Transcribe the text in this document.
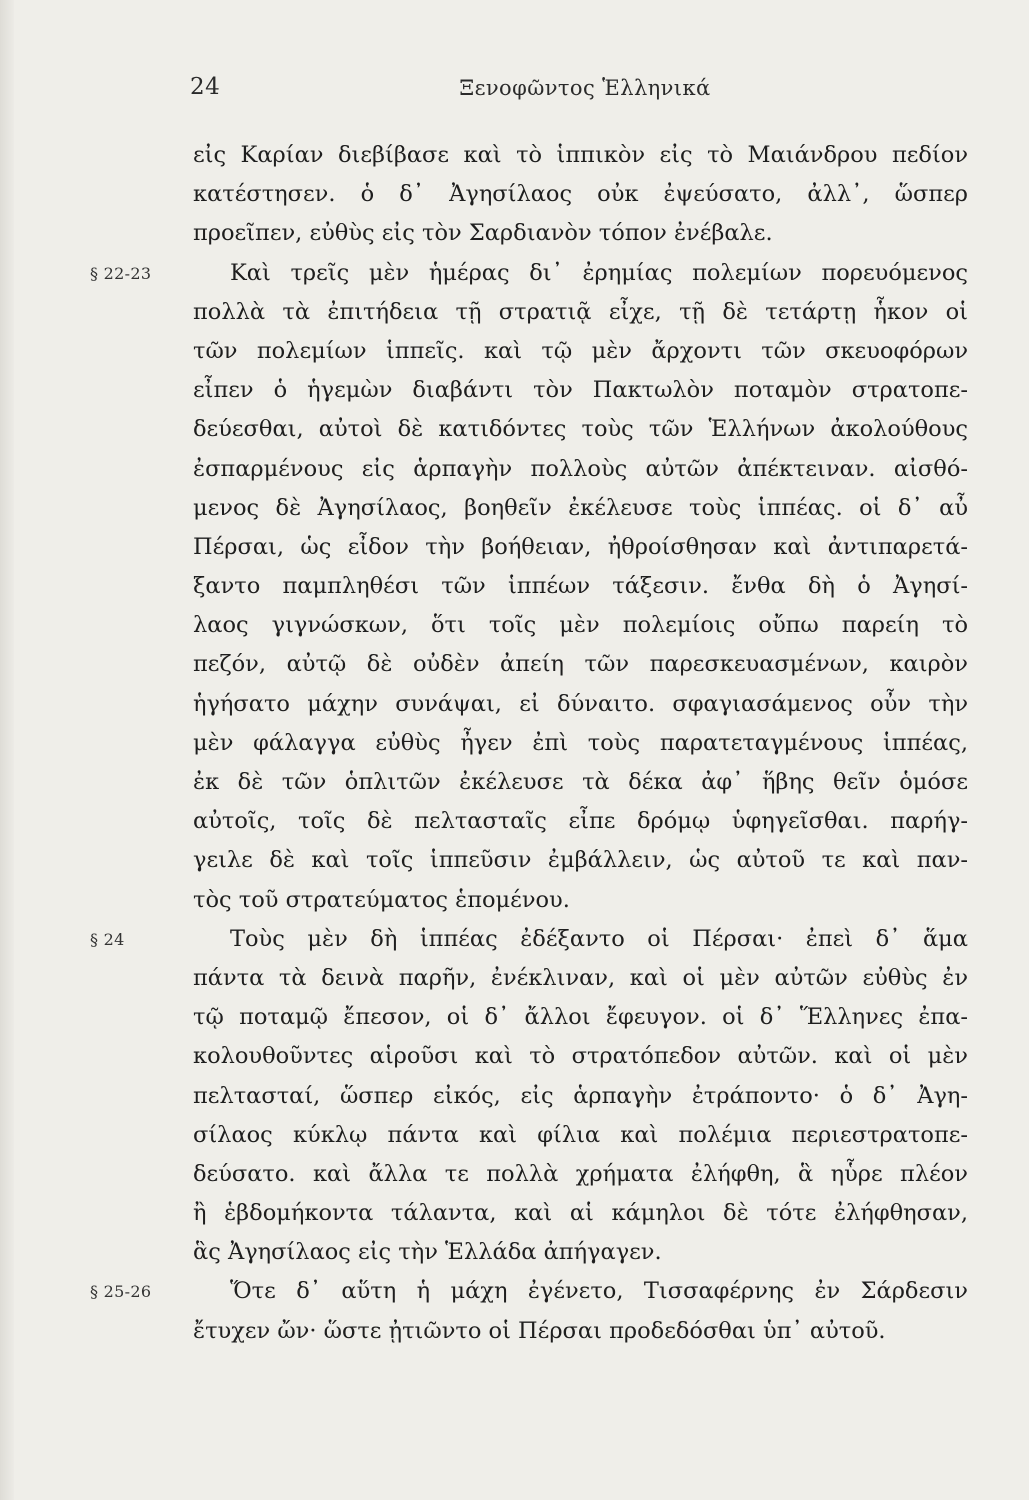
24	Ξενοφῶντος Ἑλληνικά
εἰς Καρίαν διεβίβασε καὶ τὸ ἱππικὸν εἰς τὸ Μαιάνδρου πεδίον
κατέστησεν. ὁ δ᾽ Ἀγησίλαος οὐκ ἐψεύσατο, ἀλλ᾽, ὥσπερ
προεῖπεν, εὐθὺς εἰς τὸν Σαρδιανὸν τόπον ἐνέβαλε.
§ 22-23	Καὶ τρεῖς μὲν ἡμέρας δι᾽ ἐρημίας πολεμίων πορευόμενος
πολλὰ τὰ ἐπιτήδεια τῇ στρατιᾷ εἶχε, τῇ δὲ τετάρτῃ ἧκον οἱ
τῶν πολεμίων ἱππεῖς. καὶ τῷ μὲν ἄρχοντι τῶν σκευοφόρων
εἶπεν ὁ ἡγεμὼν διαβάντι τὸν Πακτωλὸν ποταμὸν στρατοπε-
δεύεσθαι, αὐτοὶ δὲ κατιδόντες τοὺς τῶν Ἑλλήνων ἀκολούθους
ἐσπαρμένους εἰς ἁρπαγὴν πολλοὺς αὐτῶν ἀπέκτειναν. αἰσθό-
μενος δὲ Ἀγησίλαος, βοηθεῖν ἐκέλευσε τοὺς ἱππέας. οἱ δ᾽ αὖ
Πέρσαι, ὡς εἶδον τὴν βοήθειαν, ἠθροίσθησαν καὶ ἀντιπαρετά-
ξαντο παμπληθέσι τῶν ἱππέων τάξεσιν. ἔνθα δὴ ὁ Ἀγησί-
λαος γιγνώσκων, ὅτι τοῖς μὲν πολεμίοις οὔπω παρείη τὸ
πεζόν, αὐτῷ δὲ οὐδὲν ἀπείη τῶν παρεσκευασμένων, καιρὸν
ἡγήσατο μάχην συνάψαι, εἰ δύναιτο. σφαγιασάμενος οὖν τὴν
μὲν φάλαγγα εὐθὺς ἦγεν ἐπὶ τοὺς παρατεταγμένους ἱππέας,
ἐκ δὲ τῶν ὁπλιτῶν ἐκέλευσε τὰ δέκα ἀφ᾽ ἥβης θεῖν ὁμόσε
αὐτοῖς, τοῖς δὲ πελτασταῖς εἶπε δρόμῳ ὑφηγεῖσθαι. παρήγ-
γειλε δὲ καὶ τοῖς ἱππεῦσιν ἐμβάλλειν, ὡς αὐτοῦ τε καὶ παν-
τὸς τοῦ στρατεύματος ἑπομένου.
§ 24	Τοὺς μὲν δὴ ἱππέας ἐδέξαντο οἱ Πέρσαι· ἐπεὶ δ᾽ ἅμα
πάντα τὰ δεινὰ παρῆν, ἐνέκλιναν, καὶ οἱ μὲν αὐτῶν εὐθὺς ἐν
τῷ ποταμῷ ἔπεσον, οἱ δ᾽ ἄλλοι ἔφευγον. οἱ δ᾽ Ἕλληνες ἐπα-
κολουθοῦντες αἱροῦσι καὶ τὸ στρατόπεδον αὐτῶν. καὶ οἱ μὲν
πελτασταί, ὥσπερ εἰκός, εἰς ἁρπαγὴν ἐτράποντο· ὁ δ᾽ Ἀγη-
σίλαος κύκλῳ πάντα καὶ φίλια καὶ πολέμια περιεστρατοπε-
δεύσατο. καὶ ἄλλα τε πολλὰ χρήματα ἐλήφθη, ἃ ηὗρε πλέον
ἢ ἑβδομήκοντα τάλαντα, καὶ αἱ κάμηλοι δὲ τότε ἐλήφθησαν,
ἃς Ἀγησίλαος εἰς τὴν Ἑλλάδα ἀπήγαγεν.
§ 25-26	Ὅτε δ᾽ αὕτη ἡ μάχη ἐγένετο, Τισσαφέρνης ἐν Σάρδεσιν
ἔτυχεν ὤν· ὥστε ᾐτιῶντο οἱ Πέρσαι προδεδόσθαι ὑπ᾽ αὐτοῦ.
